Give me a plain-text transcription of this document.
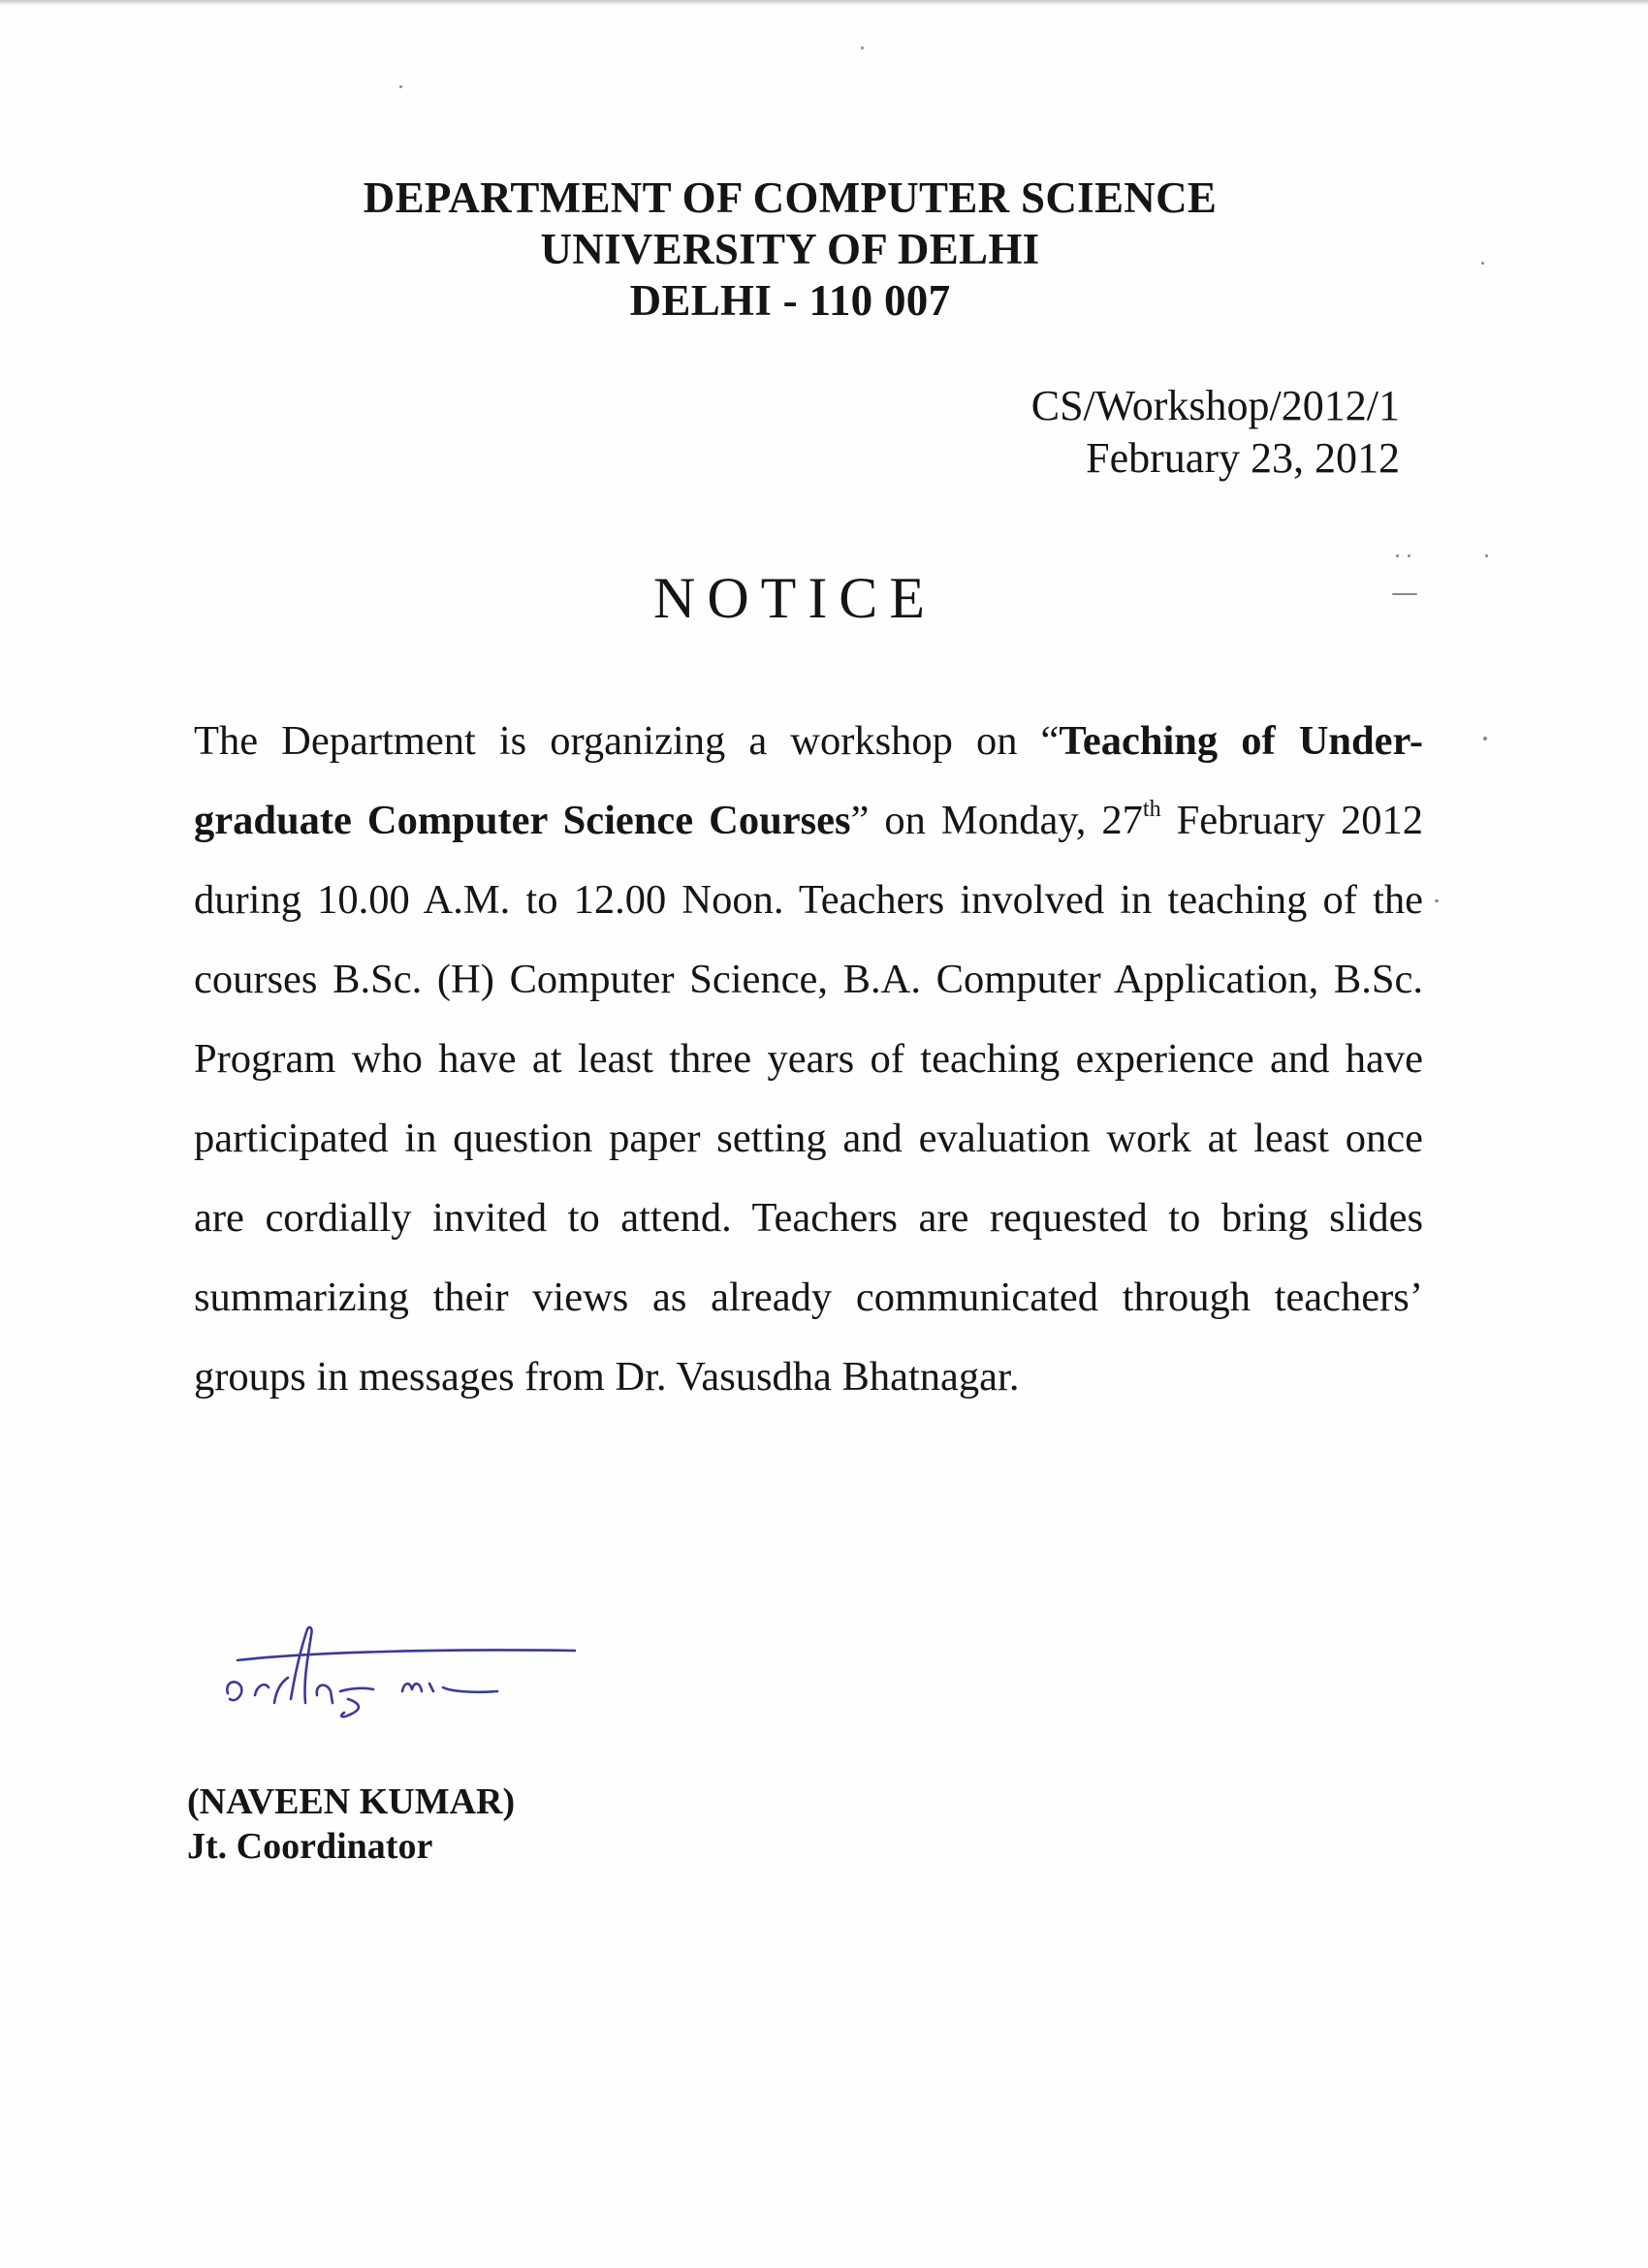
DEPARTMENT OF COMPUTER SCIENCE
UNIVERSITY OF DELHI
DELHI - 110 007
CS/Workshop/2012/1
February 23, 2012
NOTICE
The Department is organizing a workshop on “Teaching of Under-graduate Computer Science Courses” on Monday, 27th February 2012 during 10.00 A.M. to 12.00 Noon. Teachers involved in teaching of the courses B.Sc. (H) Computer Science, B.A. Computer Application, B.Sc. Program who have at least three years of teaching experience and have participated in question paper setting and evaluation work at least once are cordially invited to attend. Teachers are requested to bring slides summarizing their views as already communicated through teachers’ groups in messages from Dr. Vasusdha Bhatnagar.
(NAVEEN KUMAR)
Jt. Coordinator
